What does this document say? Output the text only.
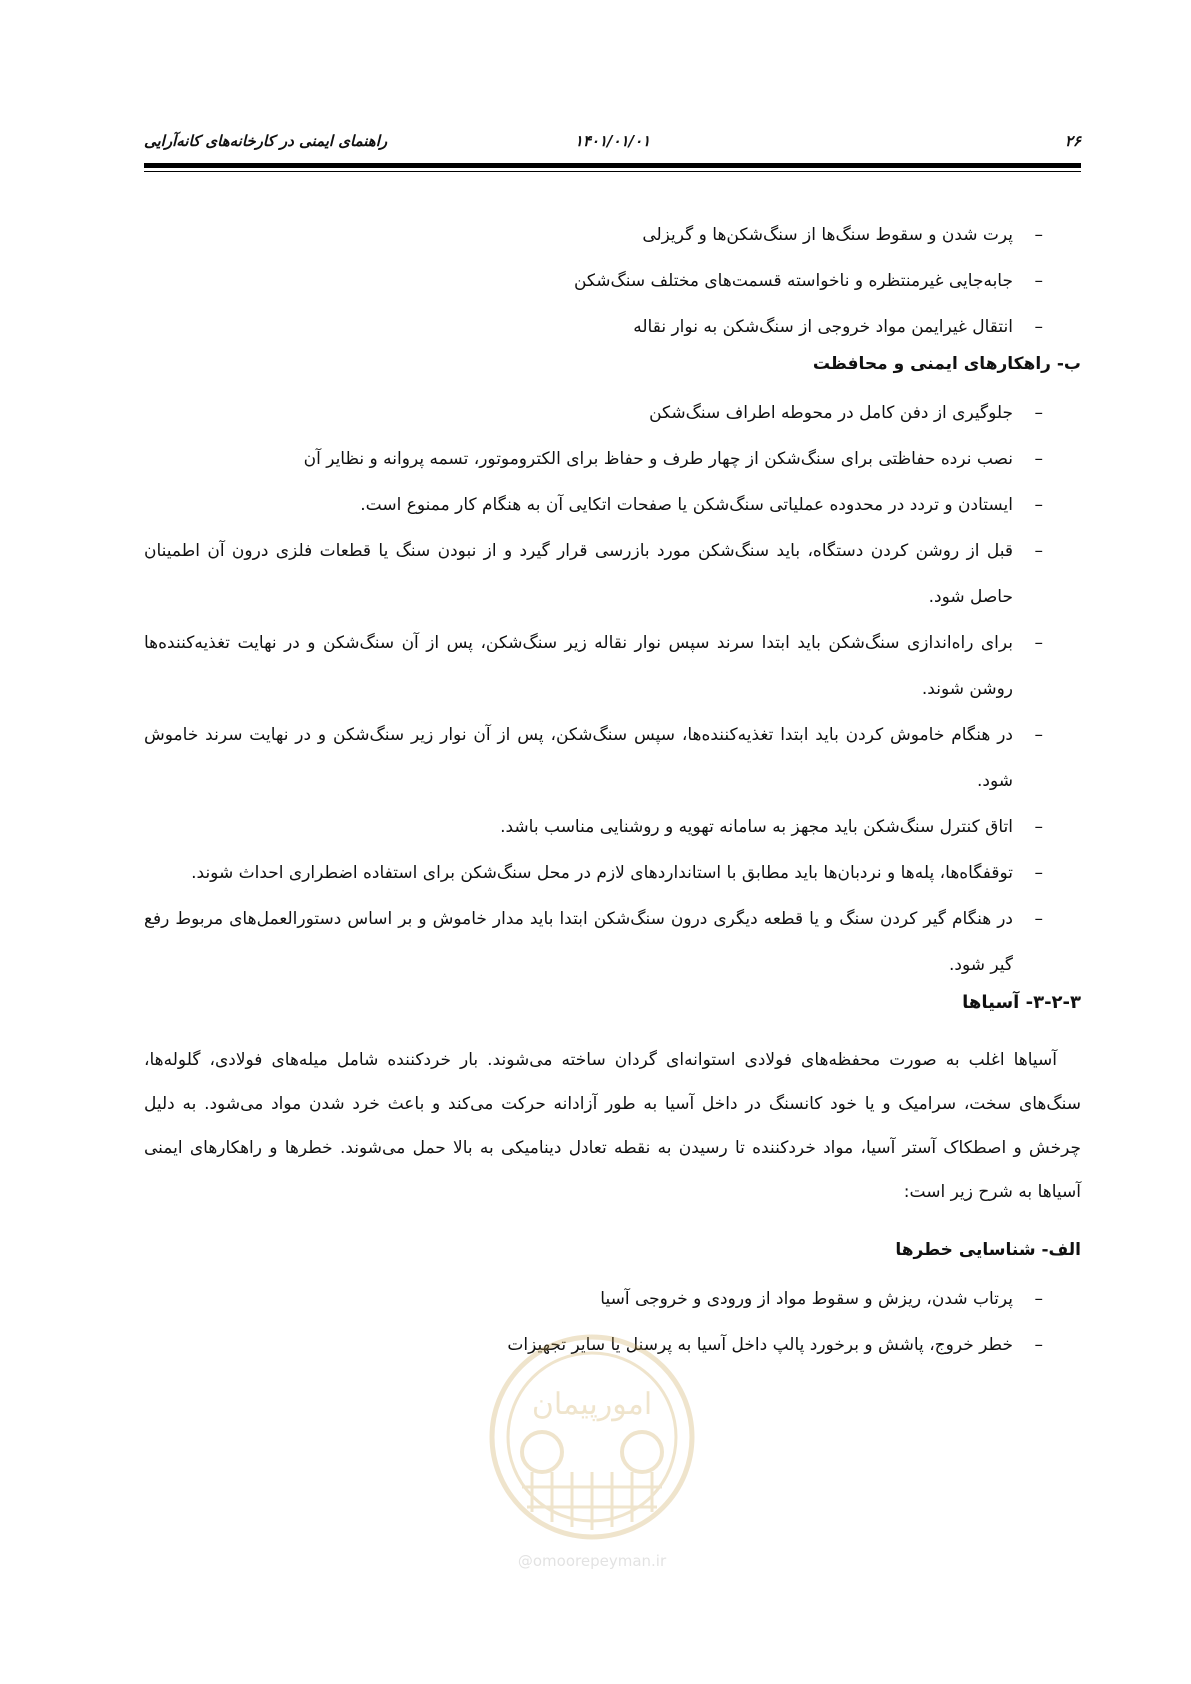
۲۶
۱۴۰۱/۰۱/۰۱
راهنمای ایمنی در کارخانه‌های کانه‌آرایی
–
پرت شدن و سقوط سنگ‌ها از سنگ‌شکن‌ها و گریزلی
–
جابه‌جایی غیرمنتظره و ناخواسته قسمت‌های مختلف سنگ‌شکن
–
انتقال غیرایمن مواد خروجی از سنگ‌شکن به نوار نقاله
ب- راهکارهای ایمنی و محافظت
–
جلوگیری از دفن کامل در محوطه اطراف سنگ‌شکن
–
نصب نرده حفاظتی برای سنگ‌شکن از چهار طرف و حفاظ برای الکتروموتور، تسمه پروانه و نظایر آن
–
ایستادن و تردد در محدوده عملیاتی سنگ‌شکن یا صفحات اتکایی آن به هنگام کار ممنوع است.
–
قبل از روشن کردن دستگاه، باید سنگ‌شکن مورد بازرسی قرار گیرد و از نبودن سنگ یا قطعات فلزی درون آن اطمینان حاصل شود.
–
برای راه‌اندازی سنگ‌شکن باید ابتدا سرند سپس نوار نقاله زیر سنگ‌شکن، پس از آن سنگ‌شکن و در نهایت تغذیه‌کننده‌ها روشن شوند.
–
در هنگام خاموش کردن باید ابتدا تغذیه‌کننده‌ها، سپس سنگ‌شکن، پس از آن نوار زیر سنگ‌شکن و در نهایت سرند خاموش شود.
–
اتاق کنترل سنگ‌شکن باید مجهز به سامانه تهویه و روشنایی مناسب باشد.
–
توقفگاه‌ها، پله‌ها و نردبان‌ها باید مطابق با استانداردهای لازم در محل سنگ‌شکن برای استفاده اضطراری احداث شوند.
–
در هنگام گیر کردن سنگ و یا قطعه دیگری درون سنگ‌شکن ابتدا باید مدار خاموش و بر اساس دستورالعمل‌های مربوط رفع گیر شود.
۳-۲-۳- آسیاها

آسیاها اغلب به صورت محفظه‌های فولادی استوانه‌ای گردان ساخته می‌شوند. بار خردکننده شامل میله‌های فولادی، گلوله‌ها، سنگ‌های سخت، سرامیک و یا خود کانسنگ در داخل آسیا به طور آزادانه حرکت می‌کند و باعث خرد شدن مواد می‌شود. به دلیل چرخش و اصطکاک آستر آسیا، مواد خردکننده تا رسیدن به نقطه تعادل دینامیکی به بالا حمل می‌شوند. خطرها و راهکارهای ایمنی آسیاها به شرح زیر است:

الف- شناسایی خطرها
–
پرتاب شدن، ریزش و سقوط مواد از ورودی و خروجی آسیا
–
خطر خروج، پاشش و برخورد پالپ داخل آسیا به پرسنل یا سایر تجهیزات
امورپیمان
@omoorepeyman.ir
